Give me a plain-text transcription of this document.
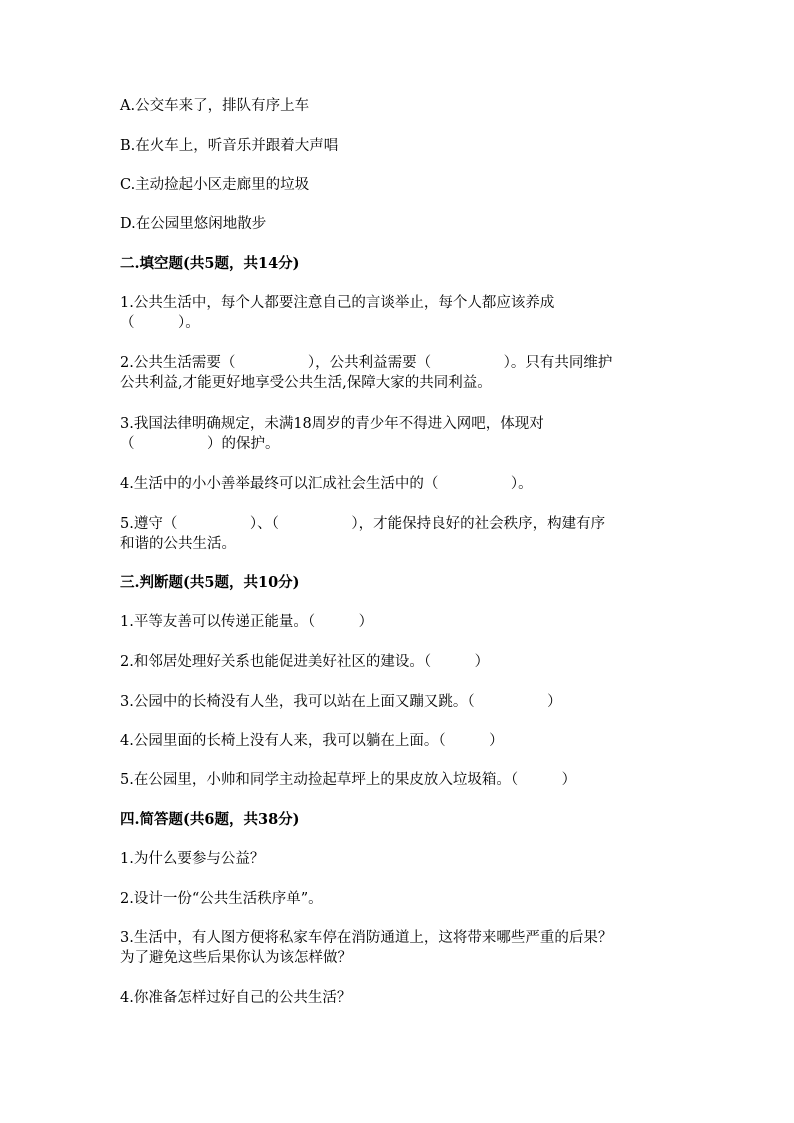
A.公交车来了，排队有序上车
B.在火车上，听音乐并跟着大声唱
C.主动捡起小区走廊里的垃圾
D.在公园里悠闲地散步
二.填空题(共5题，共14分)
1.公共生活中，每个人都要注意自己的言谈举止，每个人都应该养成
（　　　）。
2.公共生活需要（　　　　　），公共利益需要（　　　　　）。只有共同维护
公共利益,才能更好地享受公共生活,保障大家的共同利益。
3.我国法律明确规定，未满18周岁的青少年不得进入网吧，体现对
（　　　　　）的保护。
4.生活中的小小善举最终可以汇成社会生活中的（　　　　　）。
5.遵守（　　　　　）、（　　　　　），才能保持良好的社会秩序，构建有序
和谐的公共生活。
三.判断题(共5题，共10分)
1.平等友善可以传递正能量。（　　　）
2.和邻居处理好关系也能促进美好社区的建设。（　　　）
3.公园中的长椅没有人坐，我可以站在上面又蹦又跳。（　　　　　）
4.公园里面的长椅上没有人来，我可以躺在上面。（　　　）
5.在公园里，小帅和同学主动捡起草坪上的果皮放入垃圾箱。（　　　）
四.简答题(共6题，共38分)
1.为什么要参与公益？
2.设计一份“公共生活秩序单”。
3.生活中，有人图方便将私家车停在消防通道上，这将带来哪些严重的后果？
为了避免这些后果你认为该怎样做？
4.你准备怎样过好自己的公共生活？
